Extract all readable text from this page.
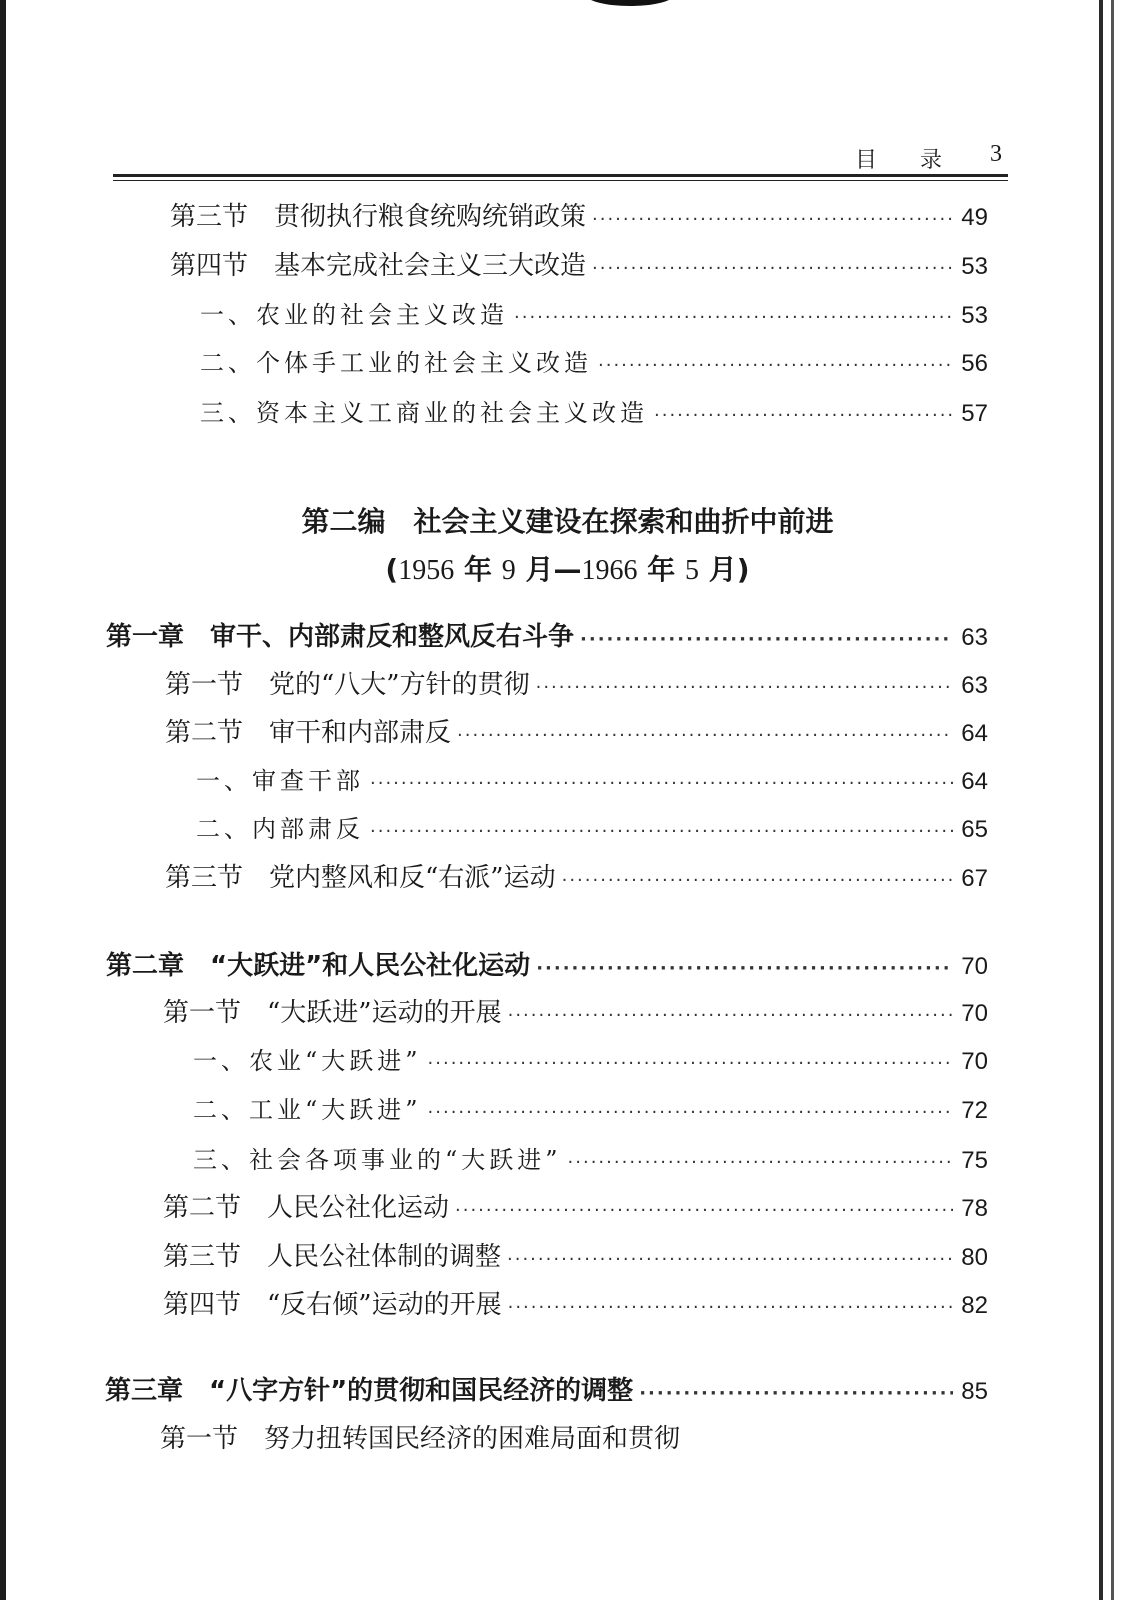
目 录 3
第三节　贯彻执行粮食统购统销政策 ·····	49
第四节　基本完成社会主义三大改造 ·····	53
一、农业的社会主义改造 ·····	53
二、个体手工业的社会主义改造 ·····	56
三、资本主义工商业的社会主义改造 ·····	57
第二编　社会主义建设在探索和曲折中前进
(1956 年 9 月—1966 年 5 月)
第一章　审干、内部肃反和整风反右斗争 ·····	63
第一节　党的“八大”方针的贯彻 ·····	63
第二节　审干和内部肃反 ·····	64
一、审查干部 ·····	64
二、内部肃反 ·····	65
第三节　党内整风和反“右派”运动 ·····	67
第二章　“大跃进”和人民公社化运动 ·····	70
第一节　“大跃进”运动的开展 ·····	70
一、农业“大跃进” ·····	70
二、工业“大跃进” ·····	72
三、社会各项事业的“大跃进” ·····	75
第二节　人民公社化运动 ·····	78
第三节　人民公社体制的调整 ·····	80
第四节　“反右倾”运动的开展 ·····	82
第三章　“八字方针”的贯彻和国民经济的调整 ·····	85
第一节　努力扭转国民经济的困难局面和贯彻
